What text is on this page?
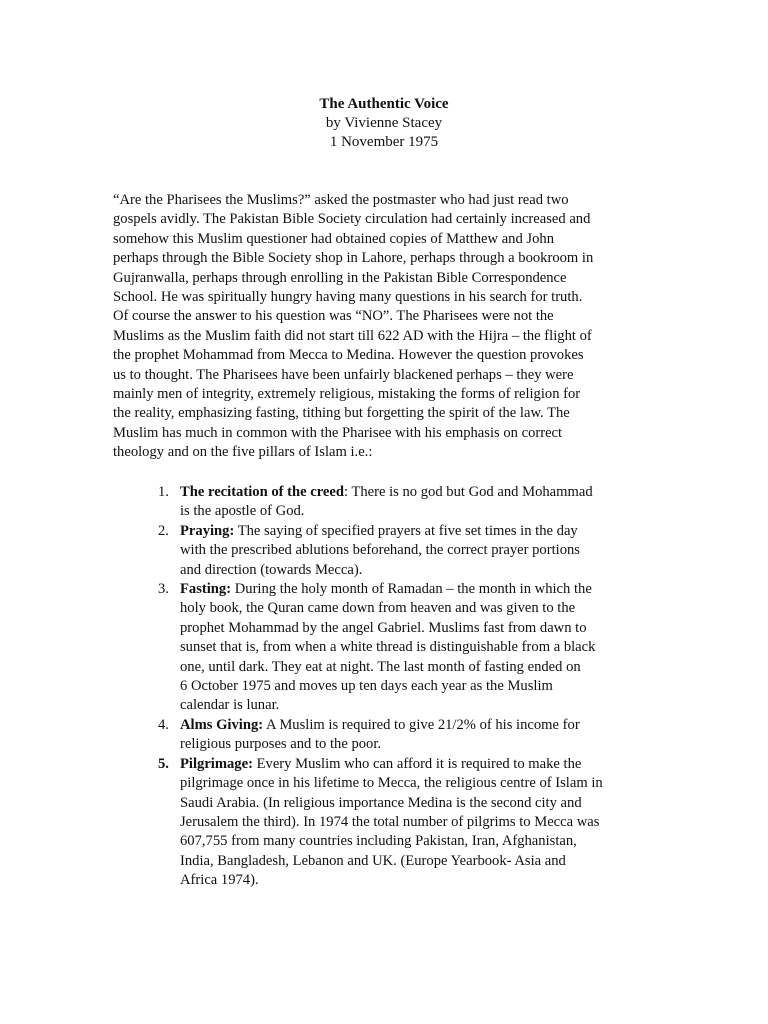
The Authentic Voice
by Vivienne Stacey
1 November 1975

“Are the Pharisees the Muslims?” asked the postmaster who had just read two
gospels avidly. The Pakistan Bible Society circulation had certainly increased and
somehow this Muslim questioner had obtained copies of Matthew and John
perhaps through the Bible Society shop in Lahore, perhaps through a bookroom in
Gujranwalla, perhaps through enrolling in the Pakistan Bible Correspondence
School. He was spiritually hungry having many questions in his search for truth.
Of course the answer to his question was “NO”. The Pharisees were not the
Muslims as the Muslim faith did not start till 622 AD with the Hijra – the flight of
the prophet Mohammad from Mecca to Medina. However the question provokes
us to thought. The Pharisees have been unfairly blackened perhaps – they were
mainly men of integrity, extremely religious, mistaking the forms of religion for
the reality, emphasizing fasting, tithing but forgetting the spirit of the law. The
Muslim has much in common with the Pharisee with his emphasis on correct
theology and on the five pillars of Islam i.e.:

1. The recitation of the creed: There is no god but God and Mohammad
is the apostle of God.
2. Praying: The saying of specified prayers at five set times in the day
with the prescribed ablutions beforehand, the correct prayer portions
and direction (towards Mecca).
3. Fasting: During the holy month of Ramadan – the month in which the
holy book, the Quran came down from heaven and was given to the
prophet Mohammad by the angel Gabriel. Muslims fast from dawn to
sunset that is, from when a white thread is distinguishable from a black
one, until dark. They eat at night. The last month of fasting ended on
6 October 1975 and moves up ten days each year as the Muslim
calendar is lunar.
4. Alms Giving: A Muslim is required to give 21/2% of his income for
religious purposes and to the poor.
5. Pilgrimage: Every Muslim who can afford it is required to make the
pilgrimage once in his lifetime to Mecca, the religious centre of Islam in
Saudi Arabia. (In religious importance Medina is the second city and
Jerusalem the third). In 1974 the total number of pilgrims to Mecca was
607,755 from many countries including Pakistan, Iran, Afghanistan,
India, Bangladesh, Lebanon and UK. (Europe Yearbook- Asia and
Africa 1974).
